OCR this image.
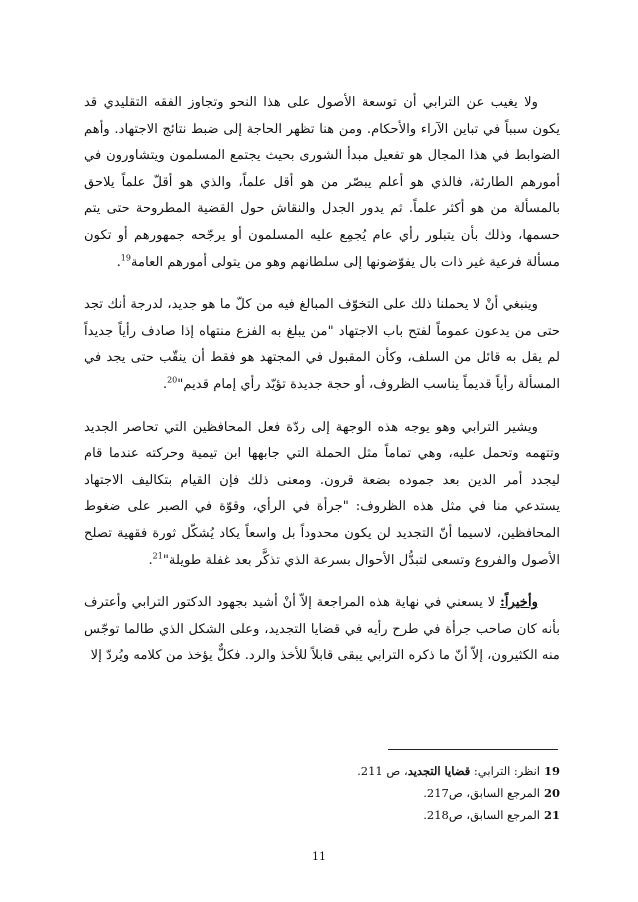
ولا يغيب عن الترابي أن توسعة الأصول على هذا النحو وتجاوز الفقه التقليدي قد يكون سبباً في تباين الآراء والأحكام. ومن هنا تظهر الحاجة إلى ضبط نتائج الاجتهاد. وأهم الضوابط في هذا المجال هو تفعيل مبدأ الشورى بحيث يجتمع المسلمون ويتشاورون في أمورهم الطارئة، فالذي هو أعلم يبصّر من هو أقل علماً، والذي هو أقلّ علماً يلاحق بالمسألة من هو أكثر علماً. ثم يدور الجدل والنقاش حول القضية المطروحة حتى يتم حسمها، وذلك بأن يتبلور رأي عام يُجمِع عليه المسلمون أو يرجّحه جمهورهم أو تكون مسألة فرعية غير ذات بال يفوّضونها إلى سلطانهم وهو من يتولى أمورهم العامة$^{19}$.

وينبغي أنْ لا يحملنا ذلك على التخوّف المبالغ فيه من كلّ ما هو جديد، لدرجة أنك تجد حتى من يدعون عموماً لفتح باب الاجتهاد "من يبلغ به الفزع منتهاه إذا صادف رأياً جديداً لم يقل به قائل من السلف، وكأن المقبول في المجتهد هو فقط أن ينقّب حتى يجد في المسألة رأياً قديماً يناسب الظروف، أو حجة جديدة تؤيّد رأي إمام قديم"$^{20}$.

ويشير الترابي وهو يوجه هذه الوجهة إلى ردّة فعل المحافظين التي تحاصر الجديد وتتهمه وتحمل عليه، وهي تماماً مثل الحملة التي جابهها ابن تيمية وحركته عندما قام ليجدد أمر الدين بعد جموده بضعة قرون. ومعنى ذلك فإن القيام بتكاليف الاجتهاد يستدعي منا في مثل هذه الظروف: "جرأة في الرأي، وقوّة في الصبر على ضغوط المحافظين، لاسيما أنّ التجديد لن يكون محدوداً بل واسعاً يكاد يُشكّل ثورة فقهية تصلح الأصول والفروع وتسعى لتبدُّل الأحوال بسرعة الذي تذكَّر بعد غفلة طويلة"$^{21}$.

وأخيراً: لا يسعني في نهاية هذه المراجعة إلاّ أنْ أشيد بجهود الدكتور الترابي وأعترف بأنه كان صاحب جرأة في طرح رأيه في قضايا التجديد، وعلى الشكل الذي طالما توجّس منه الكثيرون، إلاّ أنّ ما ذكره الترابي يبقى قابلاً للأخذ والرد. فكلٌّ يؤخذ من كلامه ويُردّ إلا

19انظر: الترابي: قضايا التجديد، ص 211.

20المرجع السابق، ص217.

21المرجع السابق، ص218.

11
